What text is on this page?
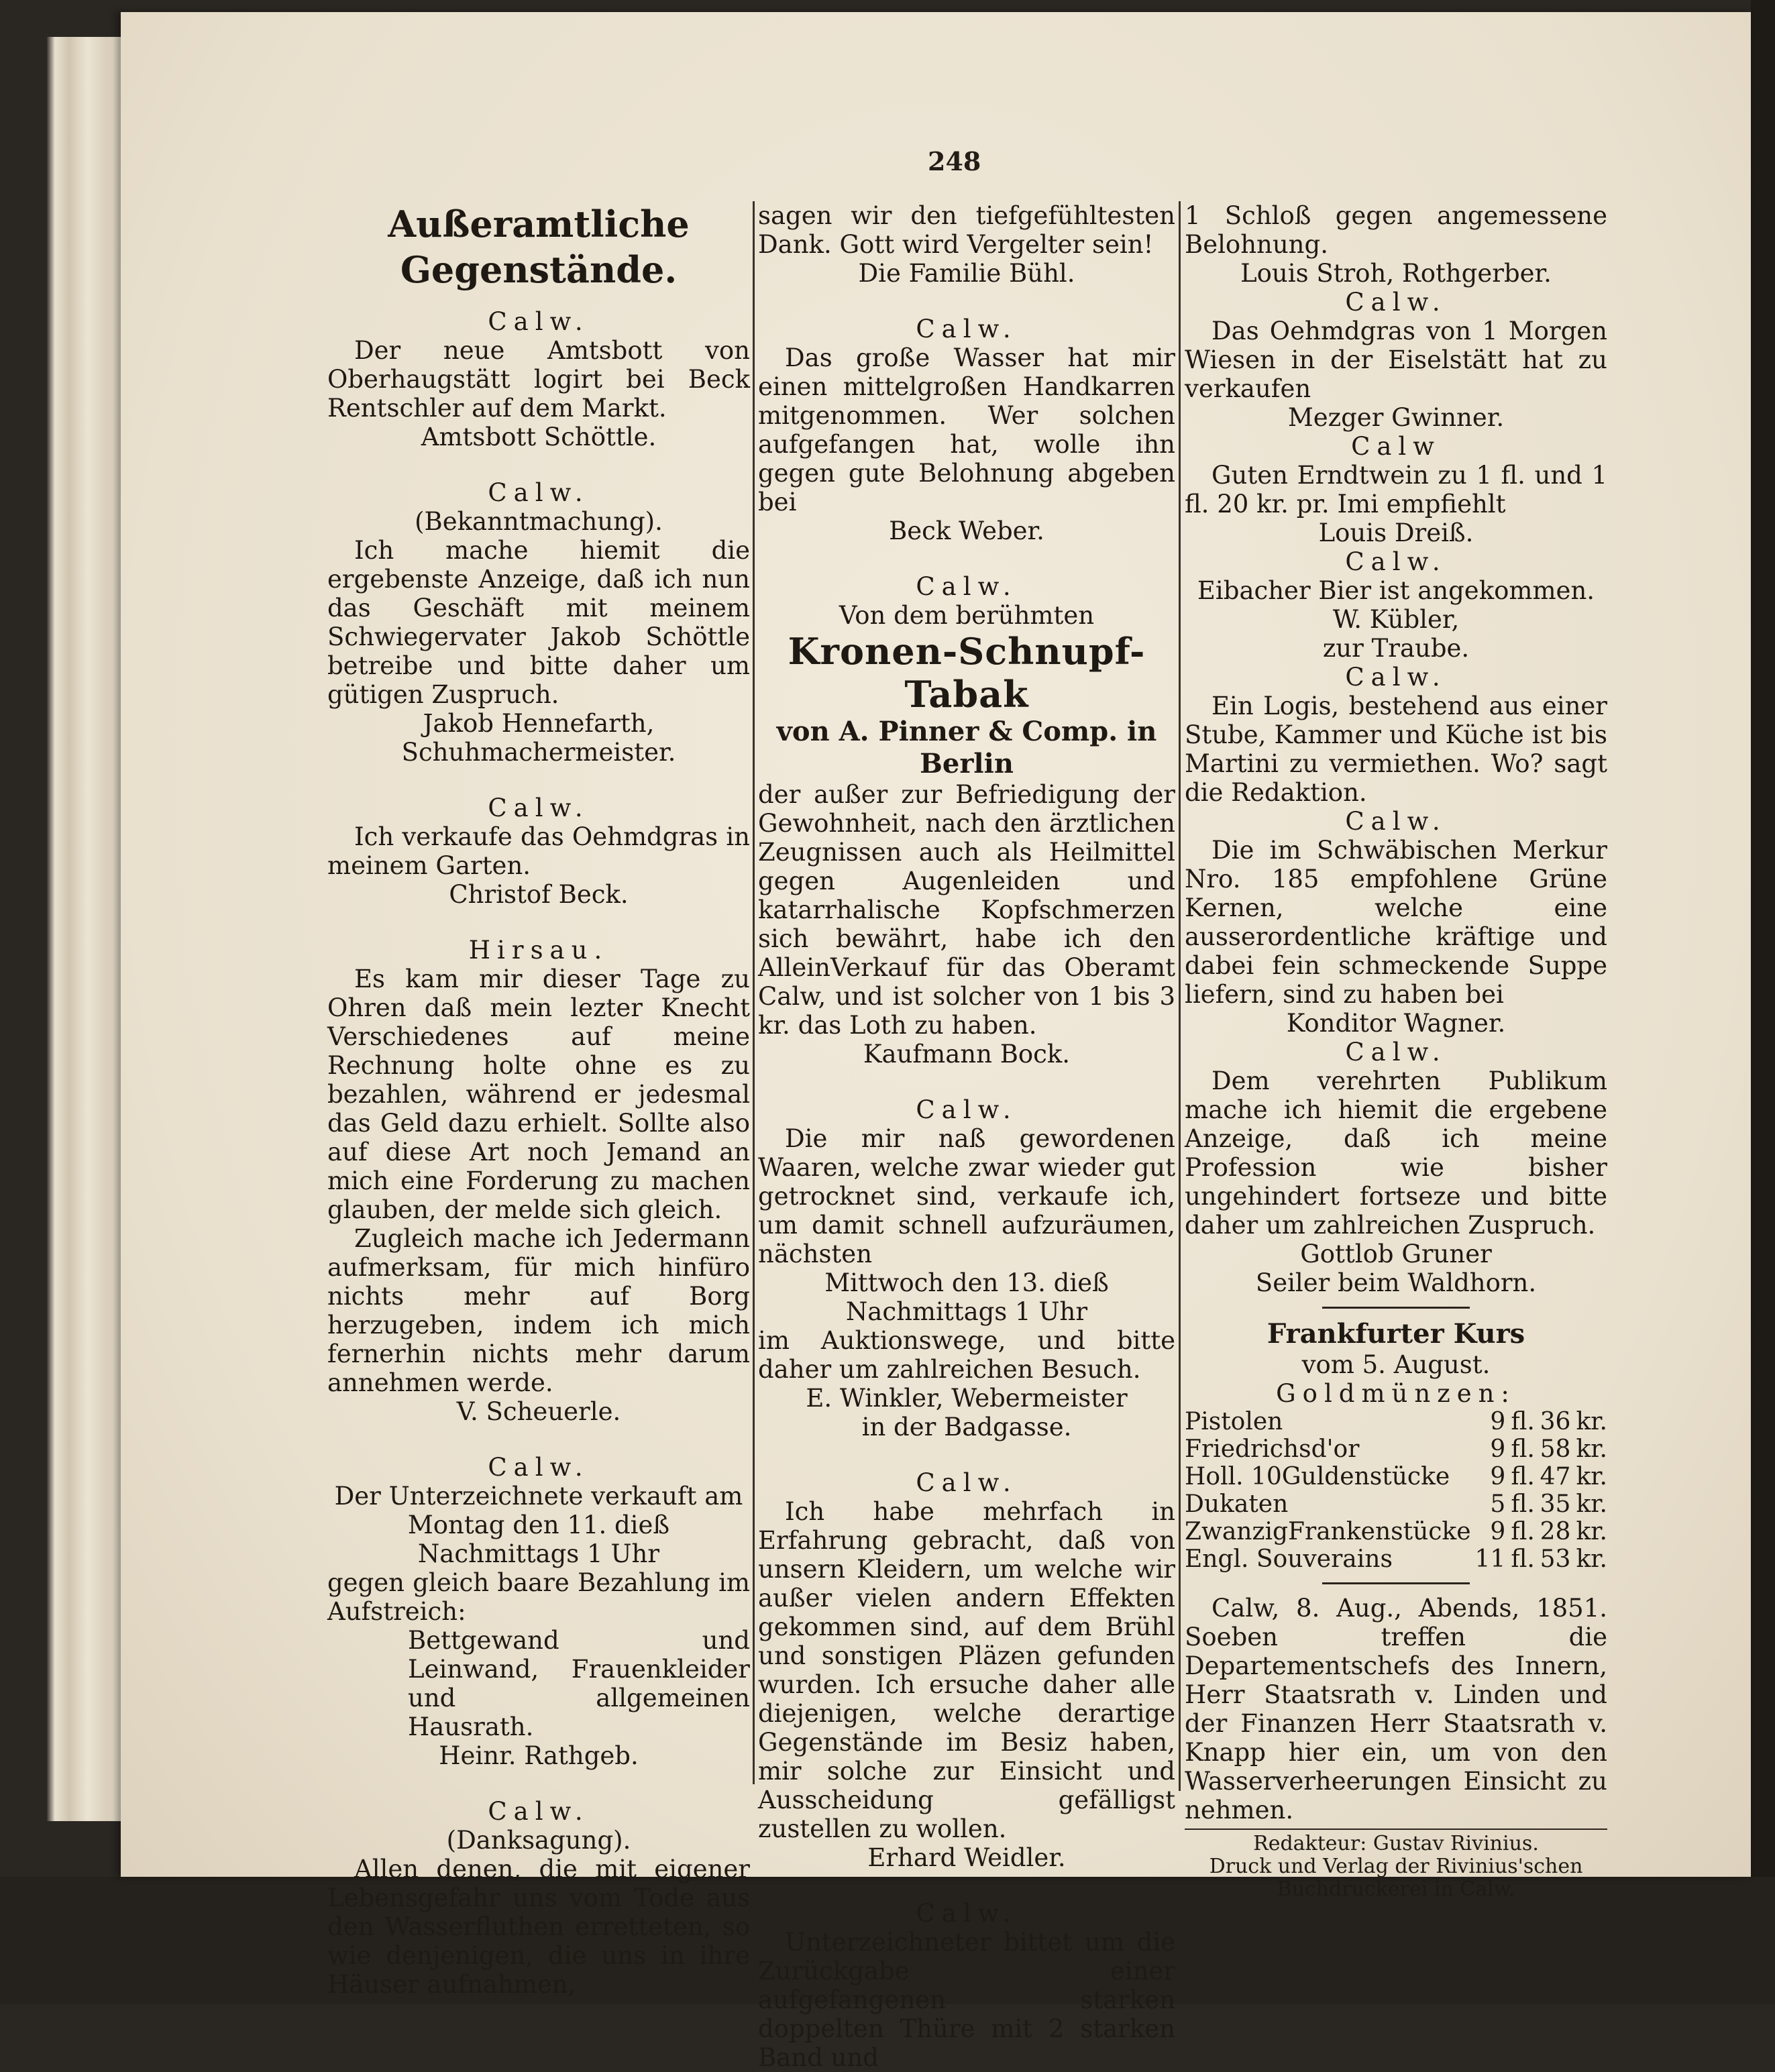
248

Außeramtliche Gegenstände.

Calw.

Der neue Amtsbott von Oberhaugstätt logirt bei Beck Rentschler auf dem Markt.

Amtsbott Schöttle.

Calw.

(Bekanntmachung).

Ich mache hiemit die ergebenste Anzeige, daß ich nun das Geschäft mit meinem Schwiegervater Jakob Schöttle betreibe und bitte daher um gütigen Zuspruch.

Jakob Hennefarth,

Schuhmachermeister.

Calw.

Ich verkaufe das Oehmdgras in meinem Garten.

Christof Beck.

Hirsau.

Es kam mir dieser Tage zu Ohren daß mein lezter Knecht Verschiedenes auf meine Rechnung holte ohne es zu bezahlen, während er jedesmal das Geld dazu erhielt. Sollte also auf diese Art noch Jemand an mich eine Forderung zu machen glauben, der melde sich gleich.

Zugleich mache ich Jedermann aufmerksam, für mich hinfüro nichts mehr auf Borg herzugeben, indem ich mich fernerhin nichts mehr darum annehmen werde.

V. Scheuerle.

Calw.

Der Unterzeichnete verkauft am

Montag den 11. dieß

Nachmittags 1 Uhr

gegen gleich baare Bezahlung im Aufstreich:

Bettgewand und Leinwand, Frauenkleider und allgemeinen Hausrath.

Heinr. Rathgeb.

Calw.

(Danksagung).

Allen denen, die mit eigener Lebensgefahr uns vom Tode aus den Wasserfluthen erretteten, so wie denjenigen, die uns in ihre Häuser aufnahmen,

sagen wir den tiefgefühltesten Dank. Gott wird Vergelter sein!

Die Familie Bühl.

Calw.

Das große Wasser hat mir einen mittelgroßen Handkarren mitgenommen. Wer solchen aufgefangen hat, wolle ihn gegen gute Belohnung abgeben bei

Beck Weber.

Calw.

Von dem berühmten

Kronen-Schnupf-Tabak

von A. Pinner & Comp. in

Berlin

der außer zur Befriedigung der Gewohnheit, nach den ärztlichen Zeugnissen auch als Heilmittel gegen Augenleiden und katarrhalische Kopfschmerzen sich bewährt, habe ich den AlleinVerkauf für das Oberamt Calw, und ist solcher von 1 bis 3 kr. das Loth zu haben.

Kaufmann Bock.

Calw.

Die mir naß gewordenen Waaren, welche zwar wieder gut getrocknet sind, verkaufe ich, um damit schnell aufzuräumen, nächsten

Mittwoch den 13. dieß

Nachmittags 1 Uhr

im Auktionswege, und bitte daher um zahlreichen Besuch.

E. Winkler, Webermeister

in der Badgasse.

Calw.

Ich habe mehrfach in Erfahrung gebracht, daß von unsern Kleidern, um welche wir außer vielen andern Effekten gekommen sind, auf dem Brühl und sonstigen Pläzen gefunden wurden. Ich ersuche daher alle diejenigen, welche derartige Gegenstände im Besiz haben, mir solche zur Einsicht und Ausscheidung gefälligst zustellen zu wollen.

Erhard Weidler.

Calw.

Unterzeichneter bittet um die Zurückgabe einer aufgefangenen starken doppelten Thüre mit 2 starken Band und

1 Schloß gegen angemessene Belohnung.

Louis Stroh, Rothgerber.

Calw.

Das Oehmdgras von 1 Morgen Wiesen in der Eiselstätt hat zu verkaufen

Mezger Gwinner.

Calw

Guten Erndtwein zu 1 fl. und 1 fl. 20 kr. pr. Imi empfiehlt

Louis Dreiß.

Calw.

Eibacher Bier ist angekommen.

W. Kübler,

zur Traube.

Calw.

Ein Logis, bestehend aus einer Stube, Kammer und Küche ist bis Martini zu vermiethen. Wo? sagt die Redaktion.

Calw.

Die im Schwäbischen Merkur Nro. 185 empfohlene Grüne Kernen, welche eine ausserordentliche kräftige und dabei fein schmeckende Suppe liefern, sind zu haben bei

Konditor Wagner.

Calw.

Dem verehrten Publikum mache ich hiemit die ergebene Anzeige, daß ich meine Profession wie bisher ungehindert fortseze und bitte daher um zahlreichen Zuspruch.

Gottlob Gruner

Seiler beim Waldhorn.

Frankfurter Kurs

vom 5. August.

Goldmünzen:

Pistolen	9	fl.	36	kr.
Friedrichsd'or	9	fl.	58	kr.
Holl. 10Guldenstücke	9	fl.	47	kr.
Dukaten	5	fl.	35	kr.
ZwanzigFrankenstücke	9	fl.	28	kr.
Engl. Souverains	11	fl.	53	kr.

Calw, 8. Aug., Abends, 1851. Soeben treffen die Departementschefs des Innern, Herr Staatsrath v. Linden und der Finanzen Herr Staatsrath v. Knapp hier ein, um von den Wasserverheerungen Einsicht zu nehmen.

Redakteur: Gustav Rivinius.

Druck und Verlag der Rivinius'schen Buchdruckerei in Calw.
